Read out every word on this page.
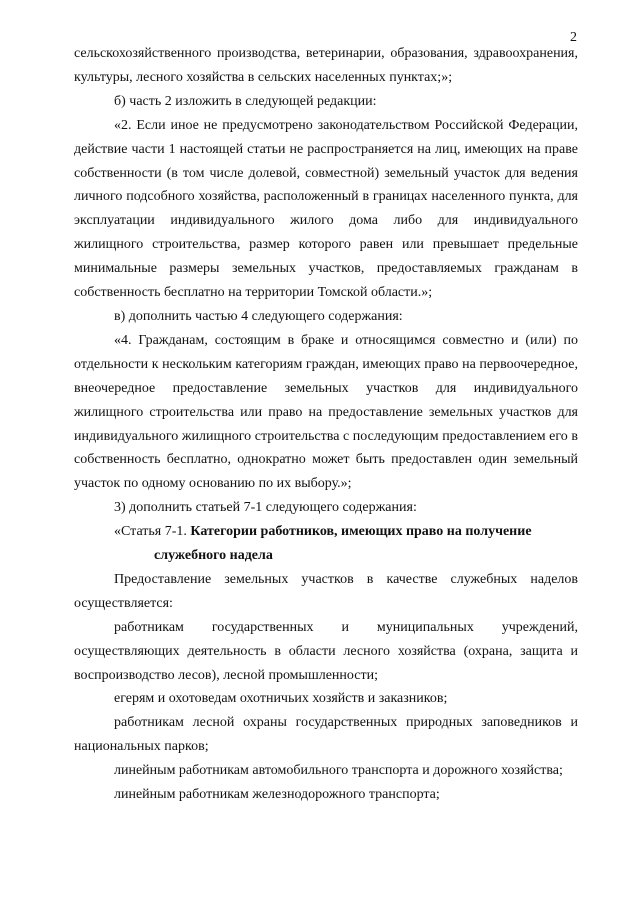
2

сельскохозяйственного производства, ветеринарии, образования, здравоохранения, культуры, лесного хозяйства в сельских населенных пунктах;»;

б) часть 2 изложить в следующей редакции:

«2. Если иное не предусмотрено законодательством Российской Федерации, действие части 1 настоящей статьи не распространяется на лиц, имеющих на праве собственности (в том числе долевой, совместной) земельный участок для ведения личного подсобного хозяйства, расположенный в границах населенного пункта, для эксплуатации индивидуального жилого дома либо для индивидуального жилищного строительства, размер которого равен или превышает предельные минимальные размеры земельных участков, предоставляемых гражданам в собственность бесплатно на территории Томской области.»;

в) дополнить частью 4 следующего содержания:

«4. Гражданам, состоящим в браке и относящимся совместно и (или) по отдельности к нескольким категориям граждан, имеющих право на первоочередное, внеочередное предоставление земельных участков для индивидуального жилищного строительства или право на предоставление земельных участков для индивидуального жилищного строительства с последующим предоставлением его в собственность бесплатно, однократно может быть предоставлен один земельный участок по одному основанию по их выбору.»;

3) дополнить статьей 7-1 следующего содержания:

«Статья 7-1. Категории работников, имеющих право на получение
служебного надела

Предоставление земельных участков в качестве служебных наделов осуществляется:

работникам государственных и муниципальных учреждений, осуществляющих деятельность в области лесного хозяйства (охрана, защита и воспроизводство лесов), лесной промышленности;

егерям и охотоведам охотничьих хозяйств и заказников;

работникам лесной охраны государственных природных заповедников и национальных парков;

линейным работникам автомобильного транспорта и дорожного хозяйства;

линейным работникам железнодорожного транспорта;
